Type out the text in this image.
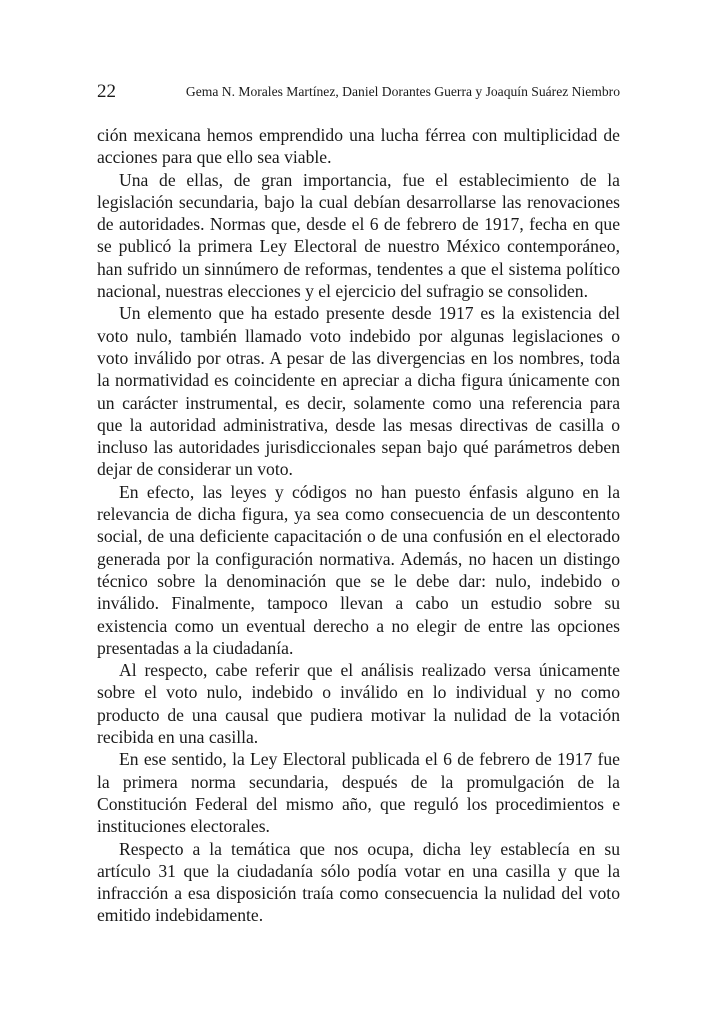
22	Gema N. Morales Martínez, Daniel Dorantes Guerra y Joaquín Suárez Niembro

ción mexicana hemos emprendido una lucha férrea con multiplicidad de acciones para que ello sea viable.

Una de ellas, de gran importancia, fue el establecimiento de la legislación secundaria, bajo la cual debían desarrollarse las renovaciones de autoridades. Normas que, desde el 6 de febrero de 1917, fecha en que se publicó la primera Ley Electoral de nuestro México contemporáneo, han sufrido un sinnúmero de reformas, tendentes a que el sistema político nacional, nuestras elecciones y el ejercicio del sufragio se consoliden.

Un elemento que ha estado presente desde 1917 es la existencia del voto nulo, también llamado voto indebido por algunas legislaciones o voto inválido por otras. A pesar de las divergencias en los nombres, toda la normatividad es coincidente en apreciar a dicha figura únicamente con un carácter instrumental, es decir, solamente como una referencia para que la autoridad administrativa, desde las mesas directivas de casilla o incluso las autoridades jurisdiccionales sepan bajo qué parámetros deben dejar de considerar un voto.

En efecto, las leyes y códigos no han puesto énfasis alguno en la relevancia de dicha figura, ya sea como consecuencia de un descontento social, de una deficiente capacitación o de una confusión en el electorado generada por la configuración normativa. Además, no hacen un distingo técnico sobre la denominación que se le debe dar: nulo, indebido o inválido. Finalmente, tampoco llevan a cabo un estudio sobre su existencia como un eventual derecho a no elegir de entre las opciones presentadas a la ciudadanía.

Al respecto, cabe referir que el análisis realizado versa únicamente sobre el voto nulo, indebido o inválido en lo individual y no como producto de una causal que pudiera motivar la nulidad de la votación recibida en una casilla.

En ese sentido, la Ley Electoral publicada el 6 de febrero de 1917 fue la primera norma secundaria, después de la promulgación de la Constitución Federal del mismo año, que reguló los procedimientos e instituciones electorales.

Respecto a la temática que nos ocupa, dicha ley establecía en su artículo 31 que la ciudadanía sólo podía votar en una casilla y que la infracción a esa disposición traía como consecuencia la nulidad del voto emitido indebidamente.
